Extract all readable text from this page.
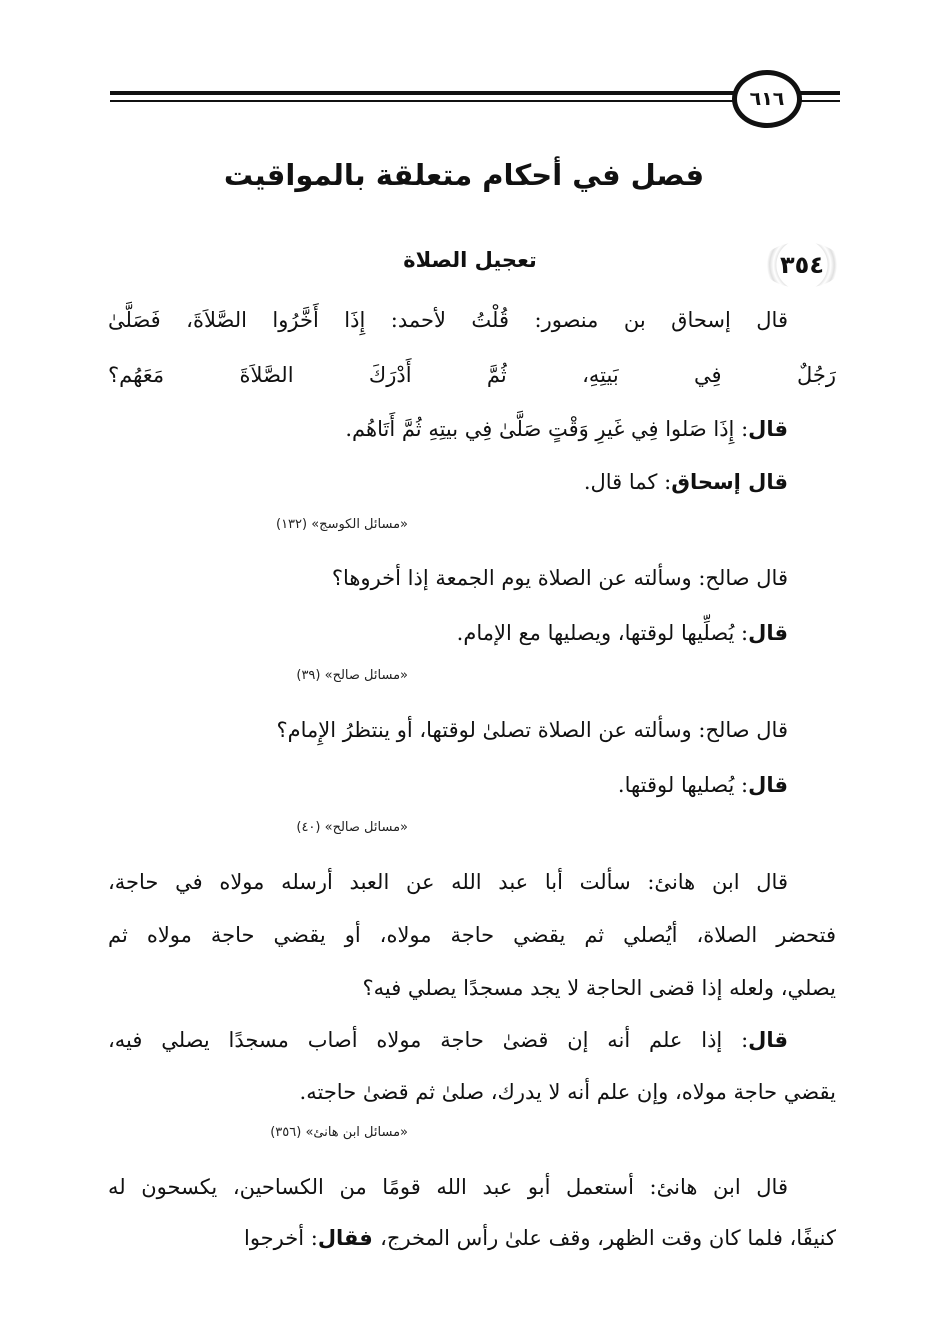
٦١٦
فصل في أحكام متعلقة بالمواقيت
٣٥٤
تعجيل الصلاة
قال إسحاق بن منصور: قُلْتُ لأحمد: إِذَا أَخَّرُوا الصَّلاَةَ، فَصَلَّىٰ
رَجُلٌ فِي بَيتِهِ، ثُمَّ أَدْرَكَ الصَّلاَةَ مَعَهُم؟
قال: إِذَا صَلوا فِي غَيرِ وَقْتٍ صَلَّىٰ فِي بيتِهِ ثُمَّ أَتَاهُم.
قال إسحاق: كما قال.
«مسائل الكوسج» (١٣٢)
قال صالح: وسألته عن الصلاة يوم الجمعة إذا أخروها؟
قال: يُصلِّيها لوقتها، ويصليها مع الإمام.
«مسائل صالح» (٣٩)
قال صالح: وسألته عن الصلاة تصلىٰ لوقتها، أو ينتظرُ الإِمام؟
قال: يُصليها لوقتها.
«مسائل صالح» (٤٠)
قال ابن هانئ: سألت أبا عبد الله عن العبد أرسله مولاه في حاجة،
فتحضر الصلاة، أيُصلي ثم يقضي حاجة مولاه، أو يقضي حاجة مولاه ثم
يصلي، ولعله إذا قضى الحاجة لا يجد مسجدًا يصلي فيه؟
قال: إذا علم أنه إن قضىٰ حاجة مولاه أصاب مسجدًا يصلي فيه،
يقضي حاجة مولاه، وإن علم أنه لا يدرك، صلىٰ ثم قضىٰ حاجته.
«مسائل ابن هانئ» (٣٥٦)
قال ابن هانئ: أستعمل أبو عبد الله قومًا من الكساحين، يكسحون له
كنيفًا، فلما كان وقت الظهر، وقف علىٰ رأس المخرج، فقال: أخرجوا
